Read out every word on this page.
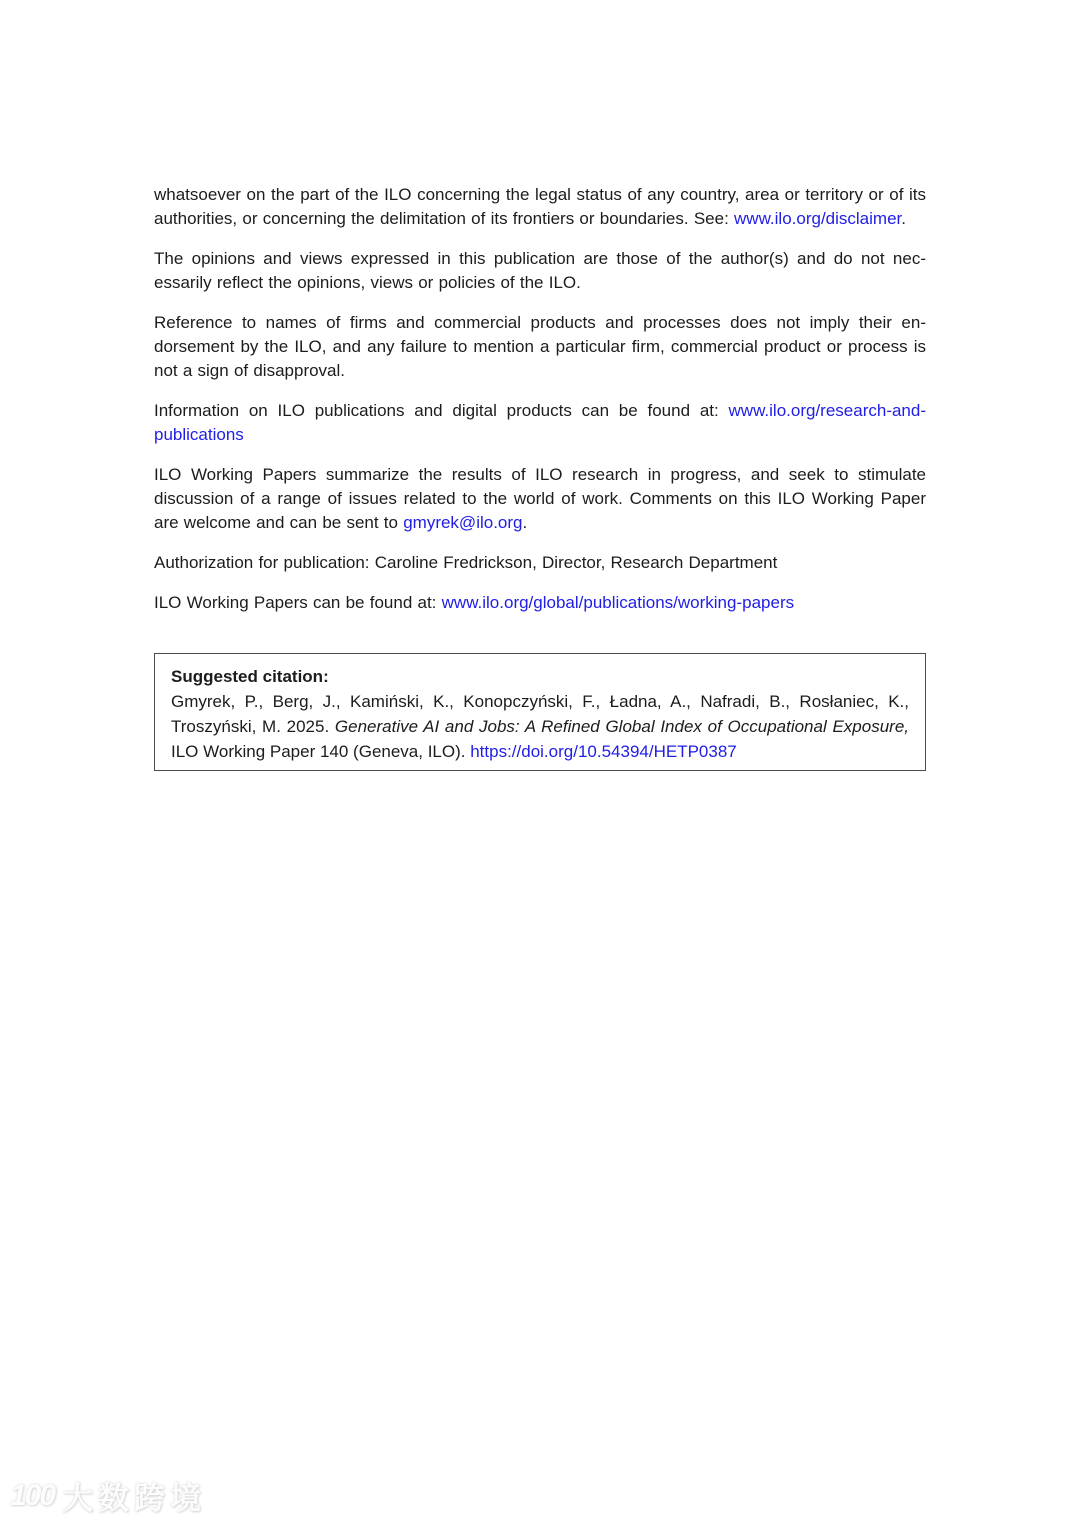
whatsoever on the part of the ILO concerning the legal status of any country, area or territory or of its authorities, or concerning the delimitation of its frontiers or boundaries. See: www.ilo.​org/disclaimer.

The opinions and views expressed in this publication are those of the author(s) and do not necessarily reflect the opinions, views or policies of the ILO.

Reference to names of firms and commercial products and processes does not imply their endorsement by the ILO, and any failure to mention a particular firm, commercial product or process is not a sign of disapproval.

Information on ILO publications and digital products can be found at: www.ilo.org/research-​and-publications

ILO Working Papers summarize the results of ILO research in progress, and seek to stimulate discussion of a range of issues related to the world of work. Comments on this ILO Working Paper are welcome and can be sent to gmyrek@ilo.org.

Authorization for publication: Caroline Fredrickson, Director, Research Department

ILO Working Papers can be found at: www.ilo.org/global/publications/working-papers

Suggested citation:

Gmyrek, P., Berg, J., Kamiński, K., Konopczyński, F., Ładna, A., Nafradi, B., Rosłaniec, K., Troszyński, M. 2025. Generative AI and Jobs: A Refined Global Index of Occupational Exposure, ILO Working Paper 140 (Geneva, ILO). https://doi.org/10.54394/HETP0387

100 大数跨境
